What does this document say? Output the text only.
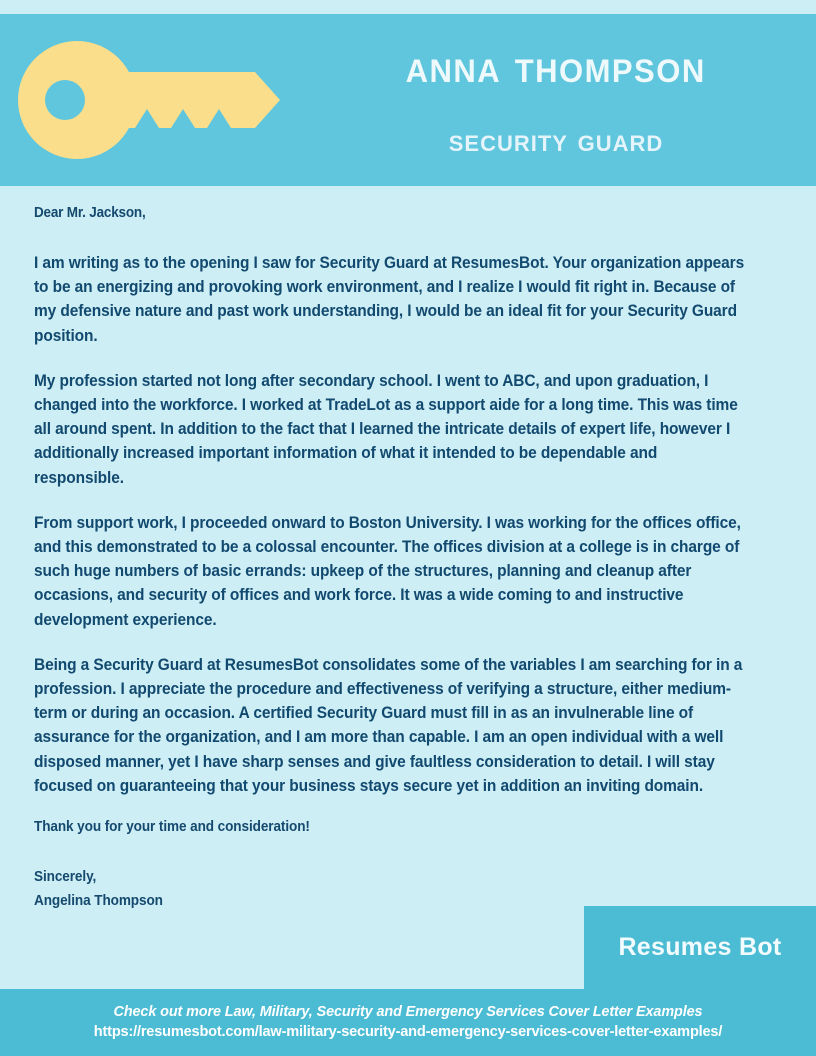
anna thompson
security guard
Dear Mr. Jackson,

I am writing as to the opening I saw for Security Guard at ResumesBot. Your organization appears to be an energizing and provoking work environment, and I realize I would fit right in. Because of my defensive nature and past work understanding, I would be an ideal fit for your Security Guard position.

My profession started not long after secondary school. I went to ABC, and upon graduation, I changed into the workforce. I worked at TradeLot as a support aide for a long time. This was time all around spent. In addition to the fact that I learned the intricate details of expert life, however I additionally increased important information of what it intended to be dependable and responsible.

From support work, I proceeded onward to Boston University. I was working for the offices office, and this demonstrated to be a colossal encounter. The offices division at a college is in charge of such huge numbers of basic errands: upkeep of the structures, planning and cleanup after occasions, and security of offices and work force. It was a wide coming to and instructive development experience.

Being a Security Guard at ResumesBot consolidates some of the variables I am searching for in a profession. I appreciate the procedure and effectiveness of verifying a structure, either medium-term or during an occasion. A certified Security Guard must fill in as an invulnerable line of assurance for the organization, and I am more than capable. I am an open individual with a well disposed manner, yet I have sharp senses and give faultless consideration to detail. I will stay focused on guaranteeing that your business stays secure yet in addition an inviting domain.

Thank you for your time and consideration!
Sincerely,
Angelina Thompson
Resumes Bot
Check out more Law, Military, Security and Emergency Services Cover Letter Examples
https://resumesbot.com/law-military-security-and-emergency-services-cover-letter-examples/
